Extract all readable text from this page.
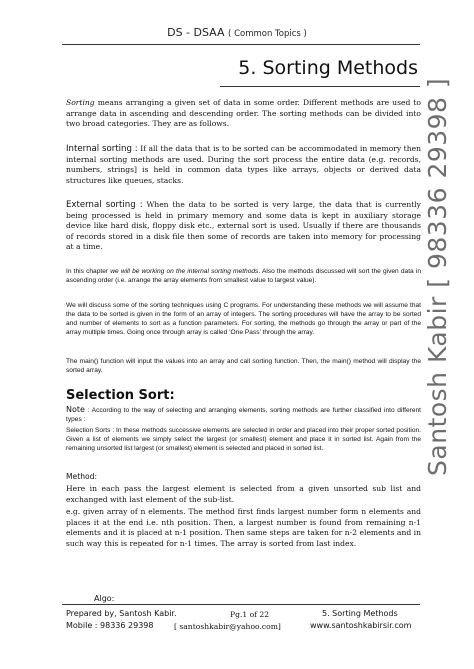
DS - DSAA ( Common Topics )
5. Sorting Methods
Santosh Kabir [ 98336 29398 ]

Sorting means arranging a given set of data in some order. Different methods are used to arrange data in ascending and descending order. The sorting methods can be divided into two broad categories. They are as follows.

Internal sorting : If all the data that is to be sorted can be accommodated in memory then internal sorting methods are used. During the sort process the entire data (e.g. records, numbers, strings] is held in common data types like arrays, objects or derived data structures like queues, stacks.

External sorting : When the data to be sorted is very large, the data that is currently being processed is held in primary memory and some data is kept in auxiliary storage device like hard disk, floppy disk etc., external sort is used. Usually if there are thousands of records stored in a disk file then some of records are taken into memory for processing at a time.

In this chapter we will be working on the internal sorting methods. Also the methods discussed will sort the given data in ascending order (i.e. arrange the array elements from smallest value to largest value).

We will discuss some of the sorting techniques using C programs. For understanding these methods we will assume that the data to be sorted is given in the form of an array of integers. The sorting procedures will have the array to be sorted and number of elements to sort as a function parameters. For sorting, the methods go through the array or part of the array multiple times. Going once through array is called ‘One Pass’ through the array.

The main() function will input the values into an array and call sorting function. Then, the main() method will display the sorted array.

Selection Sort:

Note : According to the way of selecting and arranging elements, sorting methods are further classified into different types :

Selection Sorts : In these methods successive elements are selected in order and placed into their proper sorted position. Given a list of elements we simply select the largest (or smallest) element and place it in sorted list. Again from the remaining unsorted list largest (or smallest) element is selected and placed in sorted list.

Method:

Here in each pass the largest element is selected from a given unsorted sub list and exchanged with last element of the sub-list.

e.g. given array of n elements. The method first finds largest number form n elements and places it at the end i.e. nth position. Then, a largest number is found from remaining n-1 elements and it is placed at n-1 position. Then same steps are taken for n-2 elements and in such way this is repeated for n-1 times. The array is sorted from last index.

Algo:
Prepared by, Santosh Kabir.
Mobile : 98336 29398	[ santoshkabir@yahoo.com]
Pg.1 of 22	5. Sorting Methods
www.santoshkabirsir.com
